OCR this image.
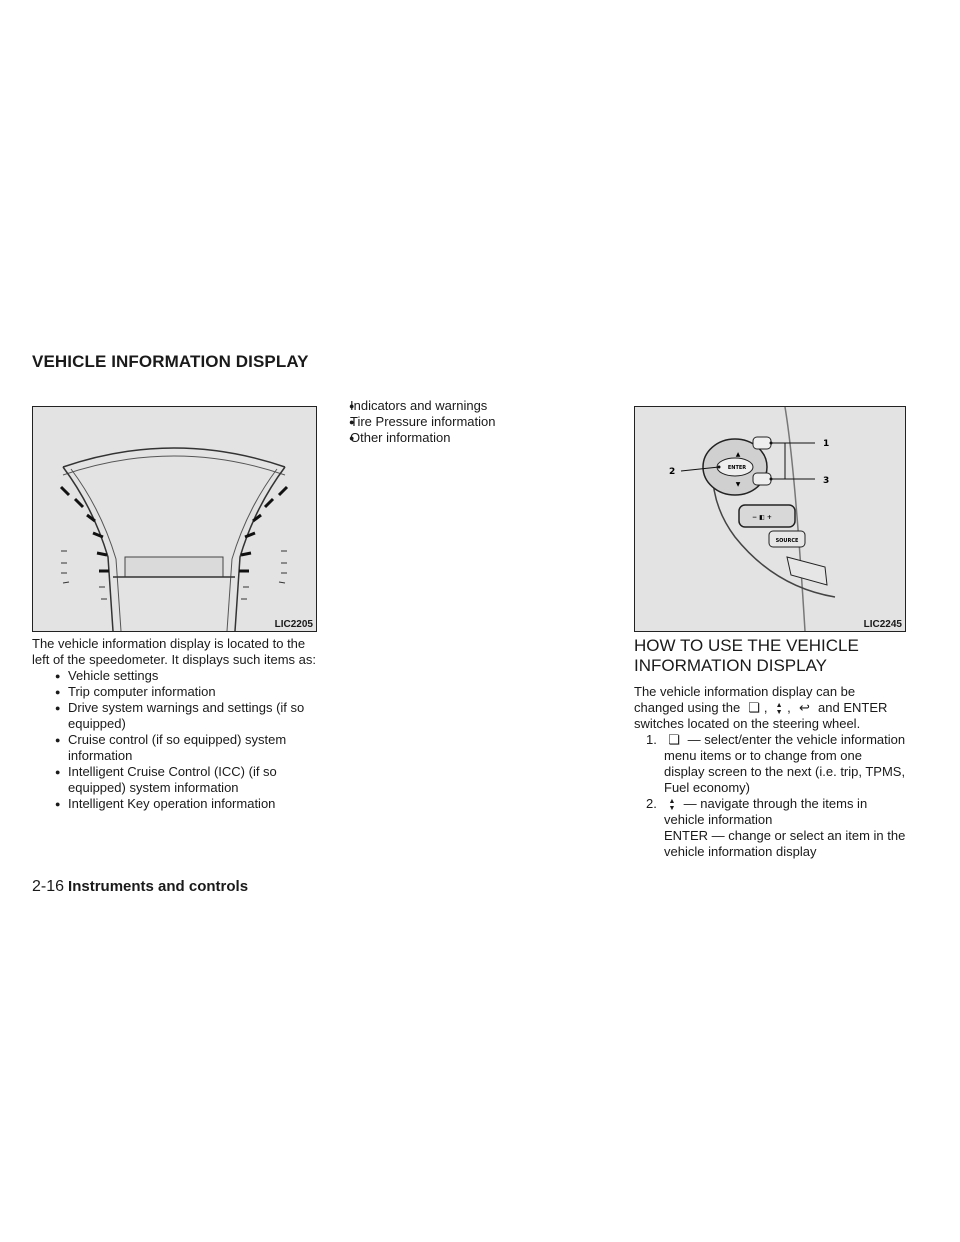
VEHICLE INFORMATION DISPLAY
LIC2205
▲
▼
− ◧ +
ENTER
SOURCE
1
2
3
LIC2245

The vehicle information display is located to the left of the speedometer. It displays such items as:

● Vehicle settings

● Trip computer information

● Drive system warnings and settings (if so equipped)

● Cruise control (if so equipped) system information

● Intelligent Cruise Control (ICC) (if so equipped) system information

● Intelligent Key operation information

● Indicators and warnings

● Tire Pressure information

● Other information

HOW TO USE THE VEHICLE INFORMATION DISPLAY

The vehicle information display can be changed using the ❏ , ▲
▼ , ↩ and ENTER switches located on the steering wheel.

1. ❏ — select/enter the vehicle information menu items or to change from one display screen to the next (i.e. trip, TPMS, Fuel economy)

2. ▲
▼ — navigate through the items in vehicle information
ENTER — change or select an item in the vehicle information display

2-16 Instruments and controls
